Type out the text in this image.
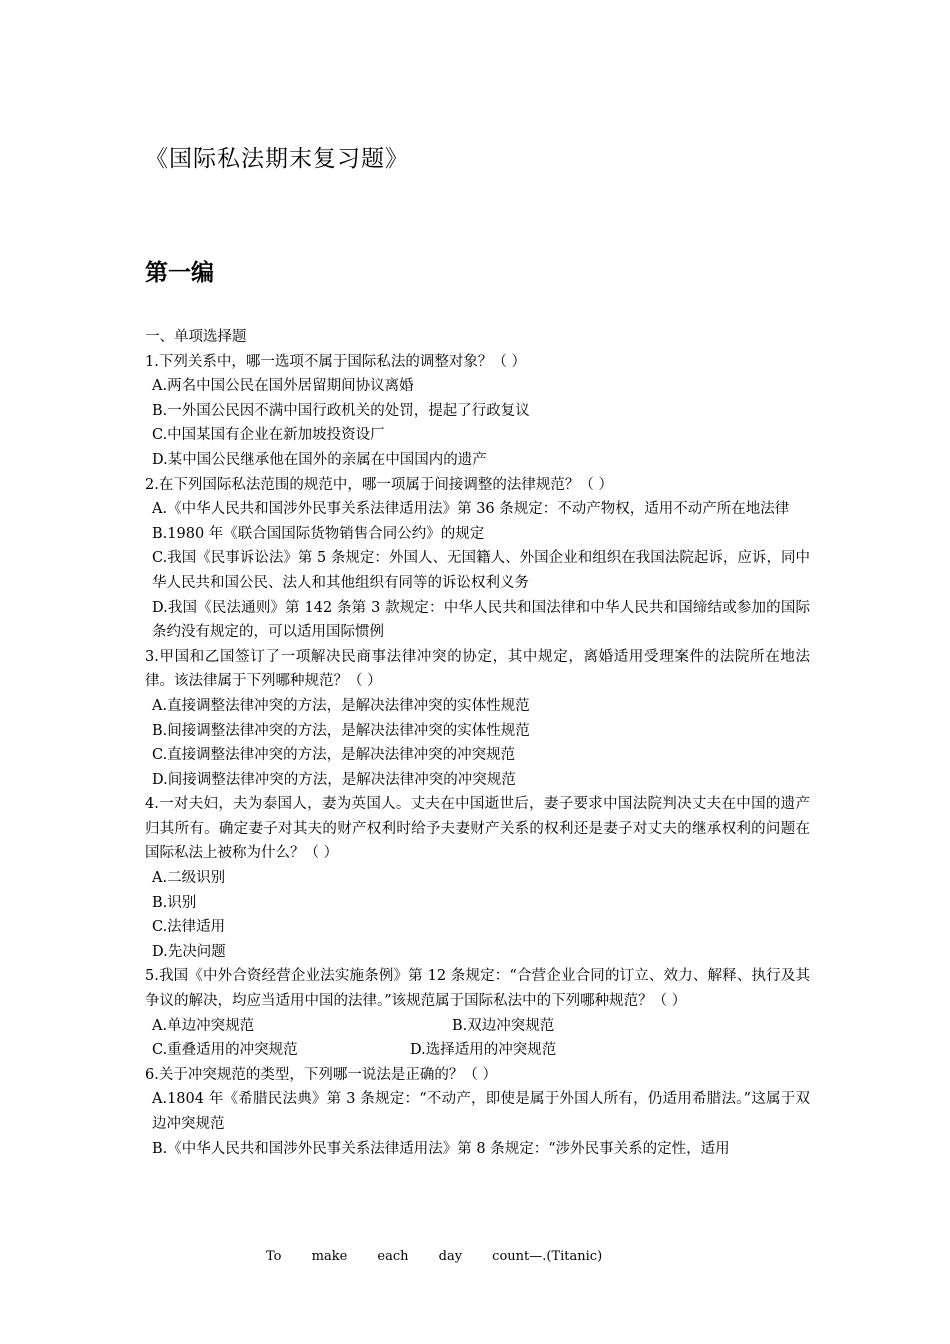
《国际私法期末复习题》
第一编

一、单项选择题

1.下列关系中，哪一选项不属于国际私法的调整对象？（ ）

A.两名中国公民在国外居留期间协议离婚

B.一外国公民因不满中国行政机关的处罚，提起了行政复议

C.中国某国有企业在新加坡投资设厂

D.某中国公民继承他在国外的亲属在中国国内的遗产

2.在下列国际私法范围的规范中，哪一项属于间接调整的法律规范？（ ）

A.《中华人民共和国涉外民事关系法律适用法》第 36 条规定：不动产物权，适用不动产所在地法律

B.1980 年《联合国国际货物销售合同公约》的规定

C.我国《民事诉讼法》第 5 条规定：外国人、无国籍人、外国企业和组织在我国法院起诉，应诉，同中华人民共和国公民、法人和其他组织有同等的诉讼权利义务

D.我国《民法通则》第 142 条第 3 款规定：中华人民共和国法律和中华人民共和国缔结或参加的国际条约没有规定的，可以适用国际惯例

3.甲国和乙国签订了一项解决民商事法律冲突的协定，其中规定，离婚适用受理案件的法院所在地法律。该法律属于下列哪种规范？（ ）

A.直接调整法律冲突的方法，是解决法律冲突的实体性规范

B.间接调整法律冲突的方法，是解决法律冲突的实体性规范

C.直接调整法律冲突的方法，是解决法律冲突的冲突规范

D.间接调整法律冲突的方法，是解决法律冲突的冲突规范

4.一对夫妇，夫为泰国人，妻为英国人。丈夫在中国逝世后，妻子要求中国法院判决丈夫在中国的遗产归其所有。确定妻子对其夫的财产权利时给予夫妻财产关系的权利还是妻子对丈夫的继承权利的问题在国际私法上被称为什么？（ ）

A.二级识别

B.识别

C.法律适用

D.先决问题

5.我国《中外合资经营企业法实施条例》第 12 条规定：“合营企业合同的订立、效力、解释、执行及其争议的解决，均应当适用中国的法律。”该规范属于国际私法中的下列哪种规范？（ ）

A.单边冲突规范	B.双边冲突规范
C.重叠适用的冲突规范	D.选择适用的冲突规范

6.关于冲突规范的类型，下列哪一说法是正确的？（ ）

A.1804 年《希腊民法典》第 3 条规定：“不动产，即使是属于外国人所有，仍适用希腊法。”这属于双边冲突规范

B.《中华人民共和国涉外民事关系法律适用法》第 8 条规定：“涉外民事关系的定性，适用

To make each day count—.(Titanic)
